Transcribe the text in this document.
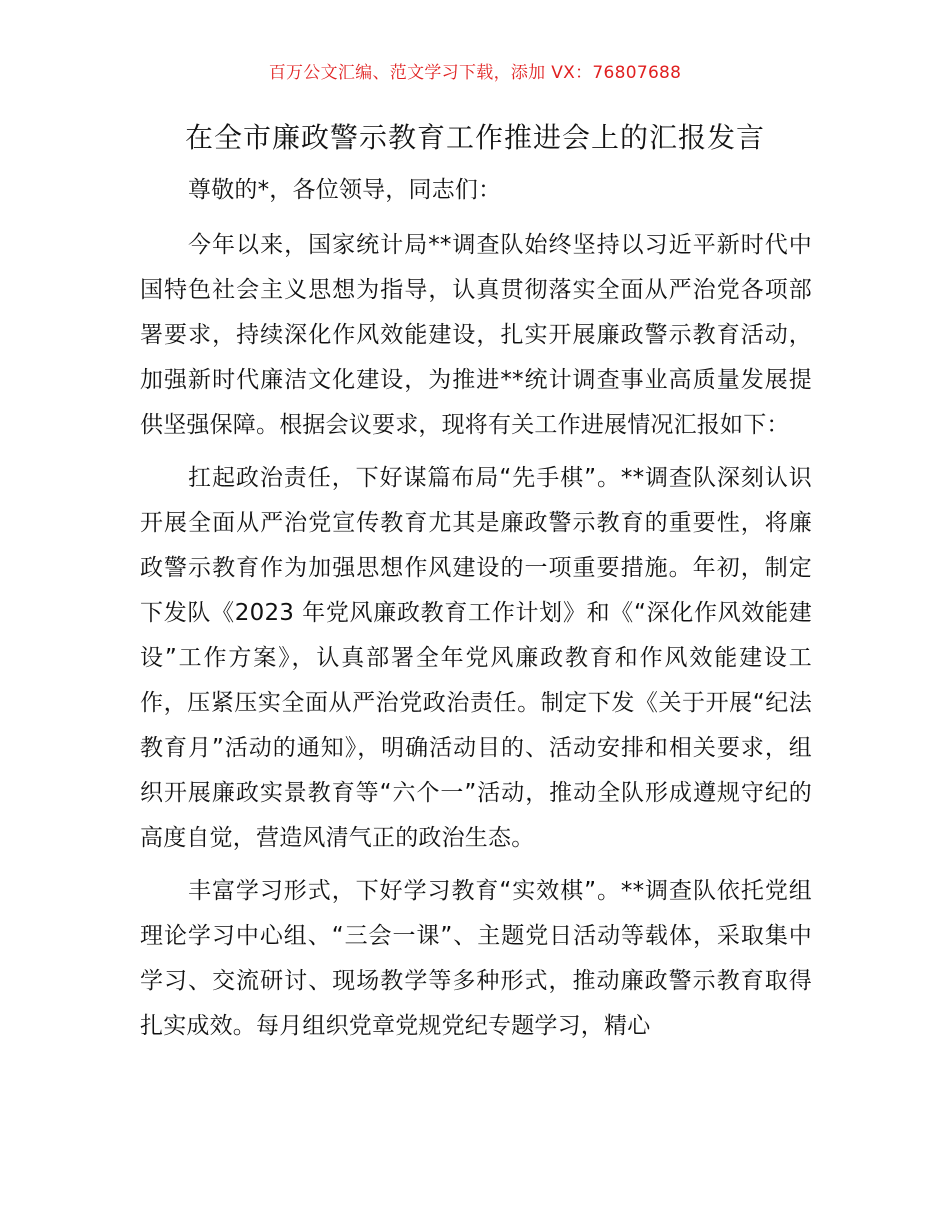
百万公文汇编、范文学习下载，添加 VX：76807688
在全市廉政警示教育工作推进会上的汇报发言

尊敬的*，各位领导，同志们：

今年以来，国家统计局**调查队始终坚持以习近平新时代中国特色社会主义思想为指导，认真贯彻落实全面从严治党各项部署要求，持续深化作风效能建设，扎实开展廉政警示教育活动，加强新时代廉洁文化建设，为推进**统计调查事业高质量发展提供坚强保障。根据会议要求，现将有关工作进展情况汇报如下：

扛起政治责任，下好谋篇布局“先手棋”。**调查队深刻认识开展全面从严治党宣传教育尤其是廉政警示教育的重要性，将廉政警示教育作为加强思想作风建设的一项重要措施。年初，制定下发队《2023 年党风廉政教育工作计划》和《“深化作风效能建设”工作方案》，认真部署全年党风廉政教育和作风效能建设工作，压紧压实全面从严治党政治责任。制定下发《关于开展“纪法教育月”活动的通知》，明确活动目的、活动安排和相关要求，组织开展廉政实景教育等“六个一”活动，推动全队形成遵规守纪的高度自觉，营造风清气正的政治生态。

丰富学习形式，下好学习教育“实效棋”。**调查队依托党组理论学习中心组、“三会一课”、主题党日活动等载体，采取集中学习、交流研讨、现场教学等多种形式，推动廉政警示教育取得扎实成效。每月组织党章党规党纪专题学习，精心
